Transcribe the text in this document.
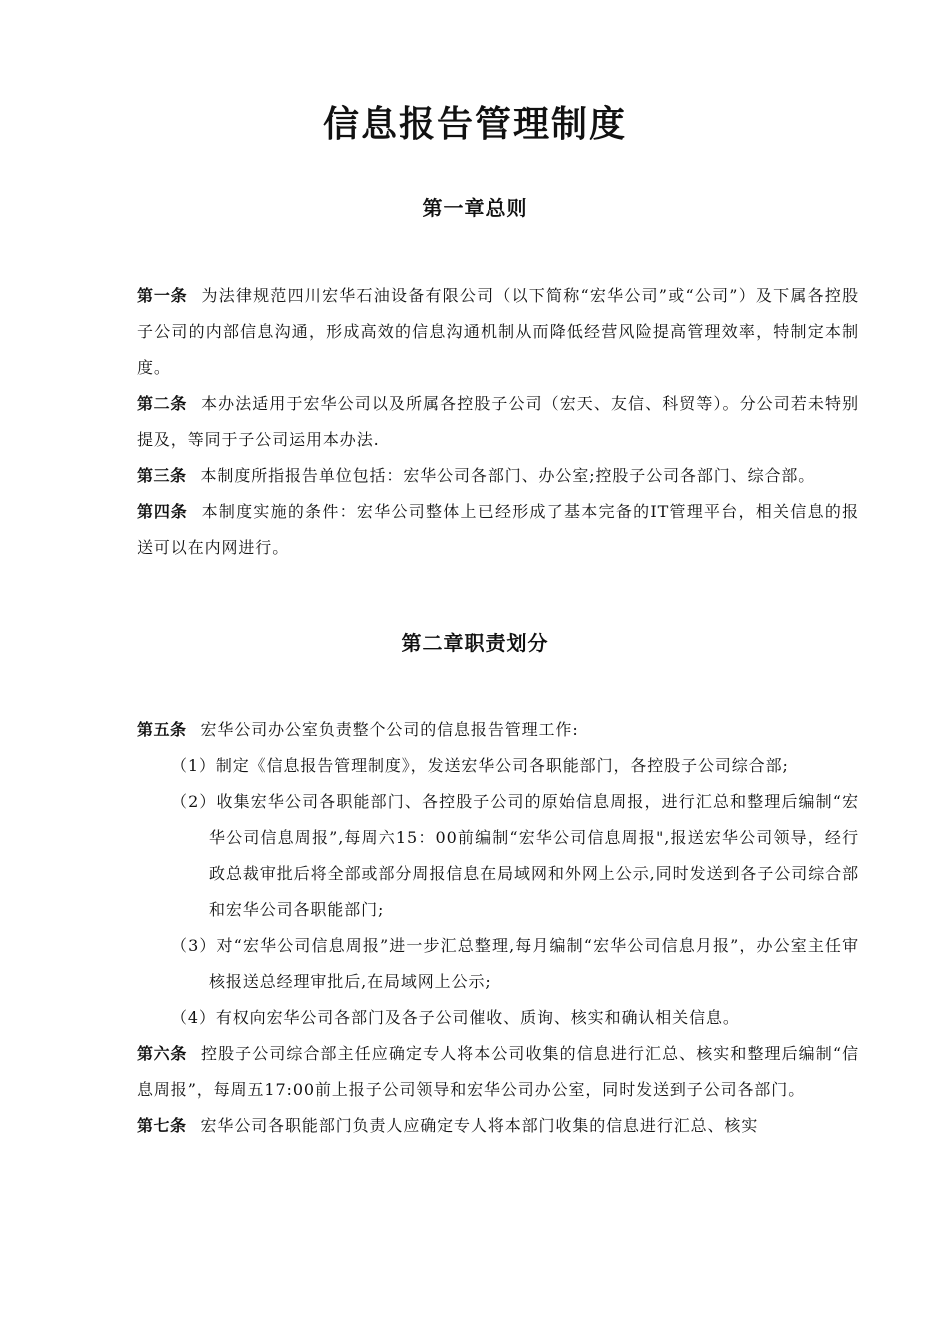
信息报告管理制度
第一章总则

第一条 为法律规范四川宏华石油设备有限公司（以下简称“宏华公司”或“公司”）及下属各控股子公司的内部信息沟通，形成高效的信息沟通机制从而降低经营风险提高管理效率，特制定本制度。

第二条 本办法适用于宏华公司以及所属各控股子公司（宏天、友信、科贸等）。分公司若未特别提及，等同于子公司运用本办法.

第三条 本制度所指报告单位包括：宏华公司各部门、办公室;控股子公司各部门、综合部。

第四条 本制度实施的条件：宏华公司整体上已经形成了基本完备的IT管理平台，相关信息的报送可以在内网进行。

第二章职责划分

第五条 宏华公司办公室负责整个公司的信息报告管理工作:

（1）制定《信息报告管理制度》，发送宏华公司各职能部门，各控股子公司综合部;

（2）收集宏华公司各职能部门、各控股子公司的原始信息周报，进行汇总和整理后编制“宏华公司信息周报”,每周六15：00前编制“宏华公司信息周报",报送宏华公司领导，经行政总裁审批后将全部或部分周报信息在局域网和外网上公示,同时发送到各子公司综合部和宏华公司各职能部门;

（3）对“宏华公司信息周报”进一步汇总整理,每月编制“宏华公司信息月报”，办公室主任审核报送总经理审批后,在局域网上公示;

（4）有权向宏华公司各部门及各子公司催收、质询、核实和确认相关信息。

第六条 控股子公司综合部主任应确定专人将本公司收集的信息进行汇总、核实和整理后编制“信息周报”，每周五17:00前上报子公司领导和宏华公司办公室，同时发送到子公司各部门。

第七条 宏华公司各职能部门负责人应确定专人将本部门收集的信息进行汇总、核实
